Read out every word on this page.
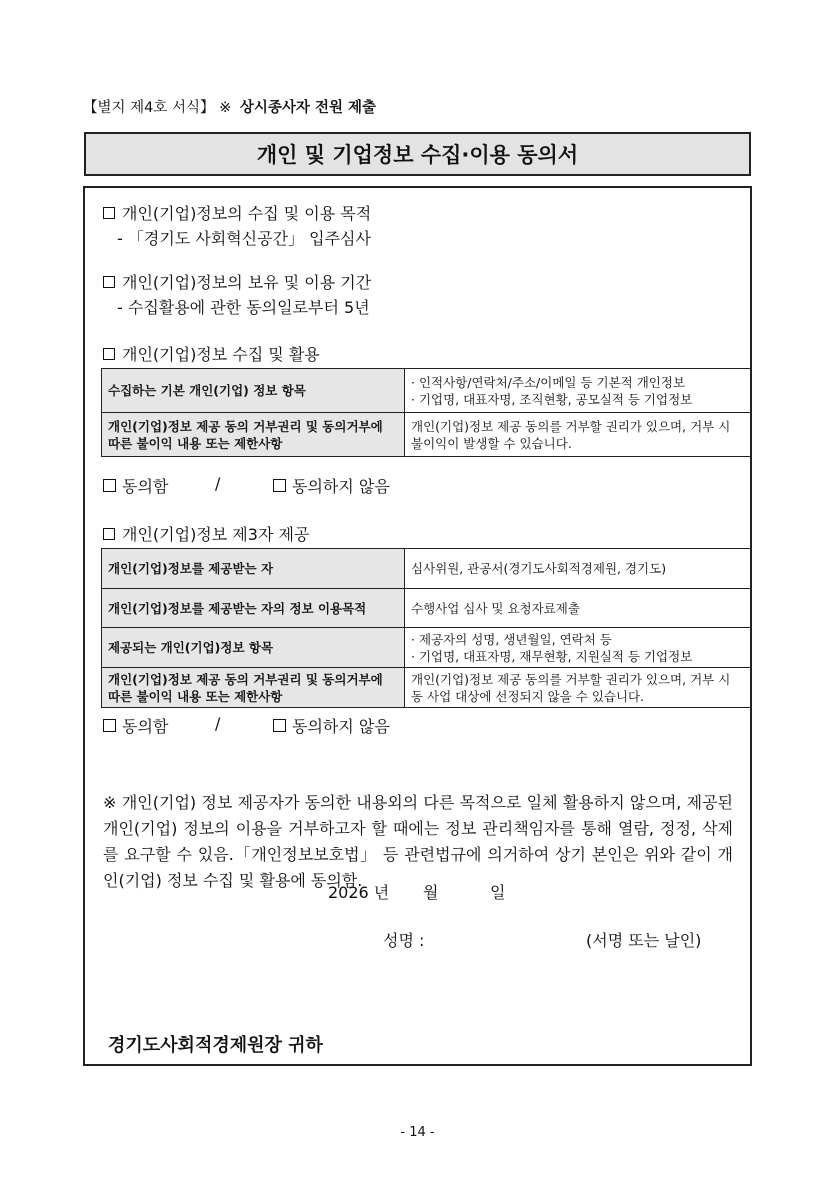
【별지 제4호 서식】 ※ 상시종사자 전원 제출
개인 및 기업정보 수집·이용 동의서
개인(기업)정보의 수집 및 이용 목적
- 「경기도 사회혁신공간」 입주심사
개인(기업)정보의 보유 및 이용 기간
- 수집활용에 관한 동의일로부터 5년
개인(기업)정보 수집 및 활용
수집하는 기본 개인(기업) 정보 항목	· 인적사항/연락처/주소/이메일 등 기본적 개인정보
· 기업명, 대표자명, 조직현황, 공모실적 등 기업정보

개인(기업)정보 제공 동의 거부권리 및 동의거부에 따른 불이익 내용 또는 제한사항	개인(기업)정보 제공 동의를 거부할 권리가 있으며, 거부 시 불이익이 발생할 수 있습니다.
동의함	/	동의하지 않음
개인(기업)정보 제3자 제공
개인(기업)정보를 제공받는 자	심사위원, 관공서(경기도사회적경제원, 경기도)
개인(기업)정보를 제공받는 자의 정보 이용목적	수행사업 심사 및 요청자료제출
제공되는 개인(기업)정보 항목	· 제공자의 성명, 생년월일, 연락처 등
· 기업명, 대표자명, 재무현황, 지원실적 등 기업정보

개인(기업)정보 제공 동의 거부권리 및 동의거부에 따른 불이익 내용 또는 제한사항	개인(기업)정보 제공 동의를 거부할 권리가 있으며, 거부 시 동 사업 대상에 선정되지 않을 수 있습니다.
동의함	/	동의하지 않음
※ 개인(기업) 정보 제공자가 동의한 내용외의 다른 목적으로 일체 활용하지 않으며, 제공된 개인(기업) 정보의 이용을 거부하고자 할 때에는 정보 관리책임자를 통해 열람, 정정, 삭제를 요구할 수 있음.「개인정보보호법」 등 관련법규에 의거하여 상기 본인은 위와 같이 개인(기업) 정보 수집 및 활용에 동의함.
2026 년 월	일
성명 :	(서명 또는 날인)
경기도사회적경제원장 귀하
- 14 -
